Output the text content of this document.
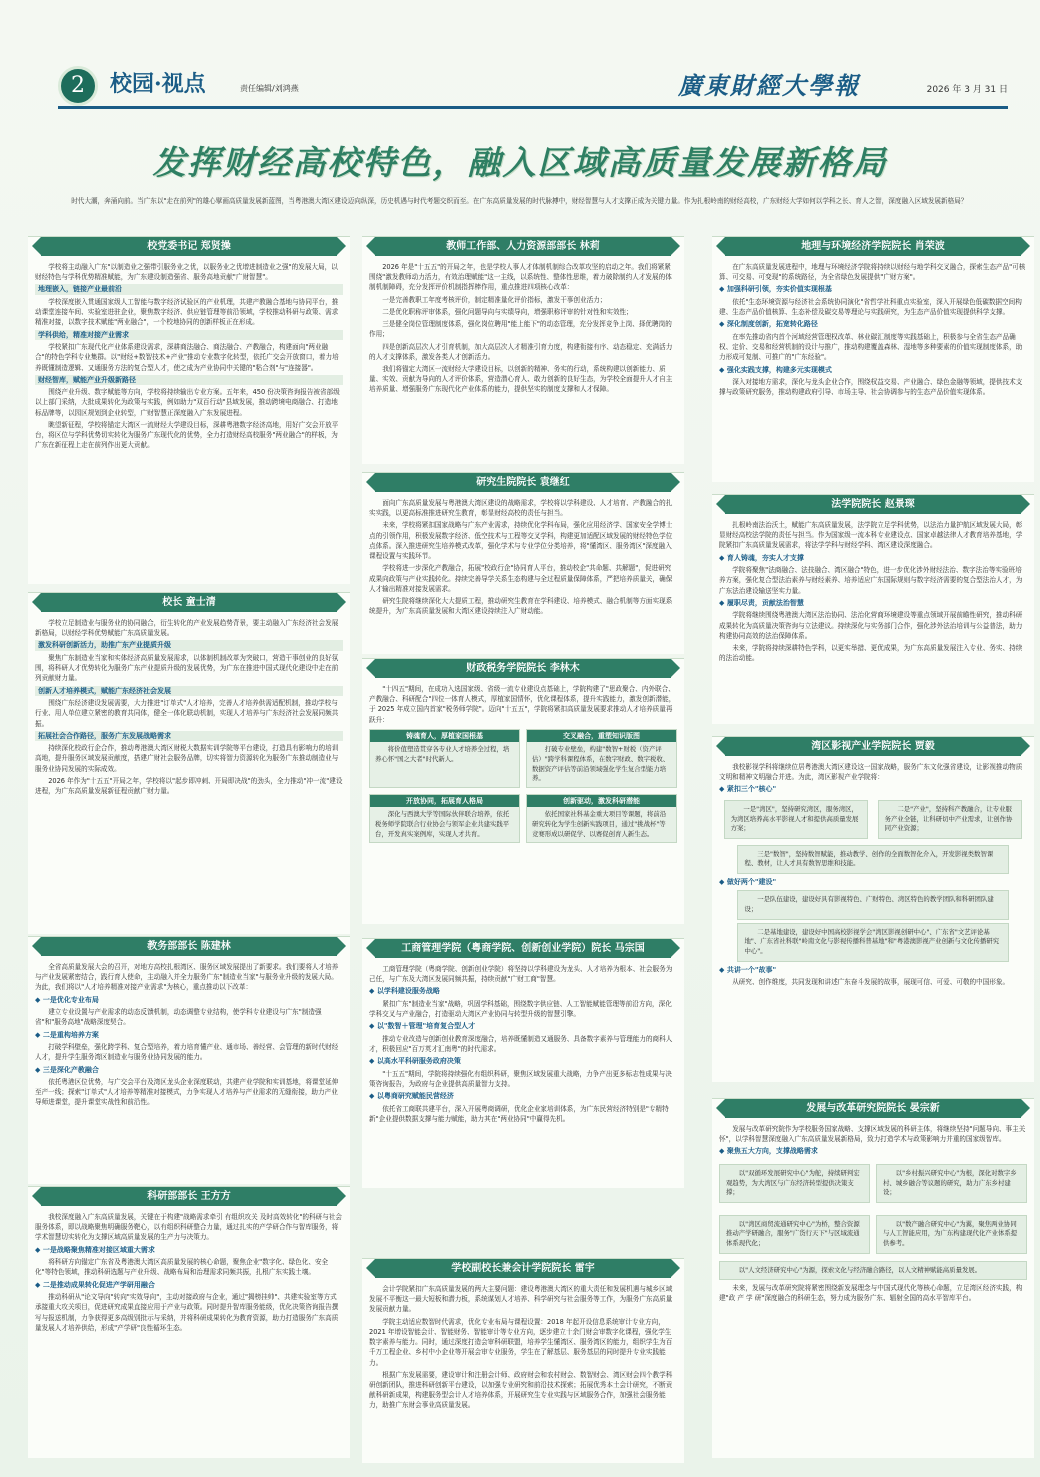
2	校园·视点	责任编辑/刘鸿燕	廣東財經大學報	2026 年 3 月 31 日
发挥财经高校特色，融入区域高质量发展新格局
时代大潮，奔涌向前。当广东以"走在前列"的雄心擘画高质量发展新蓝图，当粤港澳大湾区建设迈向纵深，历史机遇与时代考题交织而至。在广东高质量发展的时代脉搏中，财经智慧与人才支撑正成为关键力量。作为扎根岭南的财经高校，广东财经大学如何以学科之长、育人之智，深度融入区域发展新格局？
校党委书记 郑贤操
学校将主动融入广东"以制造业之强带引服务业之优，以服务业之优增进制造业之强"的发展大局，以财经特色与学科优势精准赋能，为广东建设制造强省、服务高地贡献"广财智慧"。
地理嵌入，链接产业最前沿
学校深度嵌入贯通国家级人工智能与数字经济试验区的产业机理，共建产教融合基地与协同平台，推动课堂连接车间、实验室进驻企业，聚焦数字经济、供应链管理等前沿领域，学校推动科研与政策、需求精准对接，以数字技术赋能"两业融合"，一个校地协同的创新样板正在形成。
学科供给，精准对接产业需求
学校紧扣广东现代化产业体系建设需求，深耕商法融合、商法融合、产教融合，构建面向"两业融合"的特色学科专业集群。以"财经+数智技术+产业"推动专业数字化转型，依托广交会开放窗口，着力培养既懂制造逻辑、又通服务方法的复合型人才，使之成为产业协同中关键的"粘合剂"与"连接器"。
财经智库，赋能产业升级新路径
围绕产业升级、数字赋能等方向，学校将持续输出专业方案。五年来，450 份决策咨询报告被省部级以上部门采纳，大批成果转化为政策与实践，例如助力"双百行动"县域发展，推动跨境电商融合、打造地标品牌等，以园区规划到企业转型，广财智慧正深度融入广东发展进程。
眺望新征程，学校将锚定大湾区一流财经大学建设目标，深耕粤港数字经济高地，用好广交会开放平台，将区位与学科优势切实转化为服务广东现代化的优势，全力打造财经高校服务"两业融合"的样板，为广东在新征程上走在前列作出更大贡献。
校长 童士清
学校立足制造业与服务业的协同融合，衍生转化的产业发展趋势背景，要主动融入广东经济社会发展新格局，以财经学科优势赋能广东高质量发展。
激发科研创新活力，助推广东产业提质升级
聚焦广东制造业当家和实体经济高质量发展需求，以体制机制改革为突破口，营造干事创业的良好氛围，将科研人才优势转化为服务广东产业提质升级的发展优势，为广东在推进中国式现代化建设中走在前列贡献财力量。
创新人才培养模式，赋能广东经济社会发展
围绕广东经济建设发展需要，大力推进"订单式"人才培养，完善人才培养供需适配机制，推动学校与行业、用人单位建立紧密的教育共同体，健全一体化联动机制，实现人才培养与广东经济社会发展同频共振。
拓展社会合作路径，服务广东发展战略需求
持续深化校政行企合作，推动粤港澳大湾区财税大数据实训学院等平台建设，打造具有影响力的培训高地，提升服务区域发展贡献度，搭建广财社会服务品牌，切实将智力资源转化为服务广东推动制造业与服务业协同发展的实际成效。
2026 年作为"十五五"开局之年，学校将以"起步即冲刺、开局即决战"的劲头，全力推动"冲一流"建设进程，为广东高质量发展新征程贡献广财力量。
教务部部长 陈建林
全省高质量发展大会的召开，对地方高校扎根湾区、服务区域发展提出了新要求。我们要将人才培养与产业发展紧密结合，践行育人使命，主动融入并全力服务广东"制造业当家"与服务业升级的发展大局。为此，我们将以"人才培养精准对接产业需求"为核心，重点推动以下改革：
◆ 一是优化专业布局
建立专业设置与产业需求的动态反馈机制，动态调整专业结构，使学科专业建设与广东"制造强省"和"服务高地"战略深度契合。
◆ 二是重构培养方案
打破学科壁垒，强化跨学科、复合型培养，着力培育懂产业、通市场、善经营、会管理的新时代财经人才，提升学生服务湾区制造业与服务业协同发展的能力。
◆ 三是深化产教融合
依托粤港区位优势，与广交会平台及湾区龙头企业深度联动，共建产业学院和实训基地，将课堂延伸至产一线；探索"订单式"人才培养等精准对接模式，力争实现人才培养与产业需求的无缝衔接，助力产业导师进课堂，提升课堂实战性和前沿性。
科研部部长 王方方
我校深度融入广东高质量发展，关键在于构建"战略需求牵引 有组织攻关 及时高效转化"的科研与社会服务体系，即以战略聚焦明确服务靶心，以有组织科研整合力量，通过扎实的产学研合作与智库服务，将学术智慧切实转化为支撑区域高质量发展的生产力与决策力。
◆ 一是战略聚焦精准对接区域重大需求
将科研方向锚定广东省及粤港澳大湾区高质量发展的核心命题，聚焦企业"数字化、绿色化、安全化"等特色领域，推动科研选题与产业升级、战略布局和治理需求同频共振，扎根广东实践土壤。
◆ 二是推动成果转化促进产学研用融合
推动科研从"论文导向"转向"实效导向"，主动对接政府与企业，通过"揭榜挂帅"、共建实验室等方式承接重大攻关项目，促进研究成果直接应用于产业与政策。同时提升智库服务能级，优化决策咨询报告撰写与报送机制，力争获得更多高级别批示与采纳，并将科研成果转化为教育资源，助力打造服务广东高质量发展人才培养供给，形成"产学研"良性循环生态。
教师工作部、人力资源部部长 林莉
2026 年是"十五五"的开局之年，也是学校人事人才体制机制综合改革攻坚的启动之年。我们将紧紧围绕"激发教师动力活力，有效治理赋能"这一主线，以系统性、整体性思维，着力破除制约人才发展的体制机制障碍，充分发挥评价机制指挥棒作用，重点推进四项核心改革：
一是完善教职工年度考核评价，制定精准量化评价指标，激发干事创业活力；
二是优化职称评审体系，强化问题导向与实绩导向，增强职称评审的针对性和实效性；
三是健全岗位管理制度体系，强化岗位聘用"能上能下"的动态管理，充分发挥竞争上岗、择优聘岗的作用；
四是创新高层次人才引育机制，加大高层次人才精准引育力度，构建衔接有序、动态稳定、充满活力的人才支撑体系，激发各类人才创新活力。
我们将锚定大湾区一流财经大学建设目标，以创新的精神、务实的行动，系统构建以创新能力、质量、实效、贡献为导向的人才评价体系，营造潜心育人、敢力创新的良好生态，为学校全面提升人才自主培养质量、增强服务广东现代化产业体系的能力，提供坚实的制度支撑和人才保障。
研究生院院长 袁继红
面向广东高质量发展与粤港澳大湾区建设的战略需求，学校将以学科建设、人才培育、产教融合的扎实实践，以更高标准推进研究生教育，彰显财经高校的责任与担当。
未来，学校将紧扣国家战略与广东产业需求，持续优化学科布局，强化应用经济学、国家安全学博士点的引领作用，积极发展数字经济、低空技术与工程等交叉学科，构建更加适配区域发展的财经特色学位点体系。深入推进研究生培养模式改革，强化学术与专业学位分类培养，将"懂湾区、服务湾区"深度融入课程设置与实践环节。
学校将进一步深化产教融合，拓展"校政行企"协同育人平台，推动校企"共命题、共解题"，促进研究成果向政策与产业实践转化。持续完善导学关系生态构建与全过程质量保障体系，严把培养质量关，确保人才输出精准对接发展需求。
研究生院将继续深化大大提质工程，推动研究生教育在学科建设、培养模式、融合机制等方面实现系统提升，为广东高质量发展和大湾区建设持续注入广财动能。
财政税务学院院长 李林木
"十四五"期间，在成功入选国家级、省级一流专业建设点基础上，学院构建了"思政聚合、内外联合、产教融合、科研配合"四位一体育人模式，厚植家国情怀，优化课程体系，提升实践能力，激发创新潜能，于 2025 年成立国内首家"税务师学院"。迈向"十五五"，学院将紧扣高质量发展要求推动人才培养质量再跃升：
铸魂育人，厚植家国根基
将价值塑造贯穿各专业人才培养全过程，培养心怀"国之大者"时代新人。
交叉融合，重塑知识版图
打破专业壁垒，构建"数智+财税（资产评估）"跨学科课程体系，在数字财政、数字税收、数据资产评估等前沿领域强化学生复合型能力培养。
开放协同，拓展育人格局
深化与西澳大学等国际伙伴联合培养，依托税务师学院联合行业协会与领军企业共建实践平台，开发真实案例库，实现人才共育。
创新驱动，激发科研潜能
依托国家社科基金重大项目等课题，将前沿研究转化为学生创新实践项目，通过"挑战杯"等竞赛形成以研促学、以赛促创育人新生态。
工商管理学院（粤商学院、创新创业学院）院长 马宗国
工商管理学院（粤商学院、创新创业学院）将坚持以学科建设为龙头、人才培养为根本、社会服务为己任，与广东及大湾区发展同频共振，持续贡献"广财工商"智慧。
◆ 以学科建设服务战略
紧扣广东"制造业当家"战略，巩固学科基础，围绕数字供应链、人工智能赋能管理等前沿方向，深化学科交叉与产业融合，打造驱动大湾区产业协同与转型升级的智慧引擎。
◆ 以"数智＋管理"培育复合型人才
推动专业改造与创新创业教育深度融合，培养既懂制造又通服务、具备数字素养与管理能力的商科人才，积极回应"百万英才汇南粤"的时代需求。
◆ 以高水平科研服务政府决策
"十五五"期间，学院将持续强化有组织科研，聚焦区域发展重大战略，力争产出更多标志性成果与决策咨询报告，为政府与企业提供高质量智力支持。
◆ 以粤商研究赋能民营经济
依托省工商联共建平台，深入开展粤商调研，优化企业家培训体系，为广东民营经济特别是"专精特新"企业提供数据支撑与能力赋能，助力其在"两业协同"中赢得先机。
学校副校长兼会计学院院长 雷宇
会计学院紧扣广东高质量发展的两大主要问题：建设粤港澳大湾区的重大责任和发展机遇与城乡区域发展不平衡这一最大短板和潜力板，系统谋划人才培养、科学研究与社会服务等工作，为服务广东高质量发展贡献力量。
学院主动适应数智时代需求，优化专业布局与课程设置：2018 年起开设信息系统审计专业方向，2021 年增设智能会计、智能财务、智能审计等专业方向，逐步建立十余门财会审数字化课程，强化学生数字素养与能力。同时，通过深度打造会审科研联盟，培养学生懂湾区、服务湾区的能力，组织学生为百千万工程企业、乡村中小企业等开展会审专业服务，学生在了解基层、服务基层的同时提升专业实践能力。
根据广东发展需要，建设审计和注册会计师、政府财会和农村财会、数智财会、湾区财会四个教学科研创新团队，推进科研创新平台建设，以加强专业研究和前沿技术探索；拓展优秀本土会计研究，不断贡献科研新成果，构建服务型会计人才培养体系，开展研究生专业实践与区域服务合作，加强社会服务能力，助推广东财会事业高质量发展。
地理与环境经济学院院长 肖荣波
在广东高质量发展进程中，地理与环境经济学院将持续以财经与地学科交叉融合，探索生态产品"可核算、可交易、可变现"的系统路径，为全省绿色发展提供"广财方案"。
◆ 加强科研引领，夯实价值实现根基
依托"生态环境资源与经济社会系统协同演化"省哲学社科重点实验室，深入开展绿色低碳数据空间构建、生态产品价值核算、生态补偿及碳交易等理论与实践研究，为生态产品价值实现提供科学支撑。
◆ 深化制度创新，拓宽转化路径
在率先推动省内首个河域经营管理权改革、林业碳汇制度等实践基础上，积极参与全省生态产品确权、定价、交易和经营机制的设计与推广，推动构建覆盖森林、湿地等多种要素的价值实现制度体系，助力形成可复制、可推广的"广东经验"。
◆ 强化实践支撑，构建多元实现模式
深入对接地方需求，深化与龙头企业合作，围绕权益交易、产业融合、绿色金融等领域，提供技术支撑与政策研究服务，推动构建政府引导、市场主导、社会协调参与的生态产品价值实现体系。
法学院院长 赵景琛
扎根岭南法治沃土，赋能广东高质量发展，法学院立足学科优势，以法治力量护航区域发展大局，彰显财经高校法学院的责任与担当。作为国家级一流本科专业建设点、国家卓越法律人才教育培养基地，学院紧扣广东高质量发展需求，将法学学科与财经学科、湾区建设深度融合。
◆ 育人铸魂，夯实人才支撑
学院将聚焦"法商融合、法技融合、湾区融合"特色，进一步优化涉外财经法治、数字法治等实验班培养方案，强化复合型法治素养与财经素养、培养适应广东国际规则与数字经济需要的复合型法治人才，为广东法治建设输送坚实力量。
◆ 履职尽责，贡献法治智慧
学院将继续围绕粤港澳大湾区法治协同、法治化营商环境建设等重点领域开展前瞻性研究，推动科研成果转化为高质量决策咨询与立法建议。持续深化与实务部门合作，强化涉外法治培训与公益普法，助力构建协同高效的法治保障体系。
未来，学院将持续深耕特色学科，以更实举措、更优成果，为广东高质量发展注入专业、务实、持续的法治动能。
湾区影视产业学院院长 贾毅
我校影视学科将继续位居粤港澳大湾区建设这一国家战略，服务广东文化强省建设，让影视推动物质文明和精神文明融合并进。为此，湾区影视产业学院将：
◆ 紧扣三个"核心"
一是"湾区"，坚持研究湾区，服务湾区，为湾区培养高水平影视人才和提供高质量发展方案；二是"产业"，坚持科产教融合，让专业服务产业全链，让科研切中产业需求，让创作协同产业资源；
三是"数智"，坚持数智赋能，推动教学、创作的全面数智化介入，开发影视类数智课程、教材，让人才具有数智思维和技能。
◆ 做好两个"建设"
一是队伍建设，建设好具有影视特色、广财特色、湾区特色的教学团队和科研团队建设；
二是基地建设，建设好中国高校影视学会"湾区影视创研中心"、广东省"文艺评论基地"、广东省社科联"岭南文化与影视传播科普基地"和"粤港澳影视产业创新与文化传播研究中心"。
◆ 共讲一个"故事"
从研究、创作维度，共同发现和讲述广东奋斗发展的故事，展现可信、可爱、可敬的中国形象。
发展与改革研究院院长 晏宗新
发展与改革研究院作为学校服务国家战略、支撑区域发展的科研主体，将继续坚持"问题导向、事主关怀"，以学科智慧深度融入广东高质量发展新格局，致力打造学术与政策影响力并重的国家级智库。
◆ 聚焦五大方向，支撑战略需求
以"双循环发展研究中心"为舵，持续研判宏观趋势，为大湾区与广东经济转型提供决策支撑；
以"乡村振兴研究中心"为根，深化对数字乡村、城乡融合等议题的研究，助力广东乡村建设；
以"湾区商贸流通研究中心"为桥，整合资源推动产学研融合，服务"广货行天下"与区域流通体系现代化；
以"数产融合研究中心"为翼，聚焦两业协同与人工智能应用，为广东构建现代化产业体系提供参考。
以"人文经济研究中心"为源，探索文化与经济融合路径，以人文精神赋能高质量发展。
未来，发展与改革研究院将紧密围绕新发展理念与中国式现代化等核心命题，立足湾区经济实践，构建"政 产 学 研"深度融合的科研生态，努力成为服务广东、辐射全国的高水平智库平台。
